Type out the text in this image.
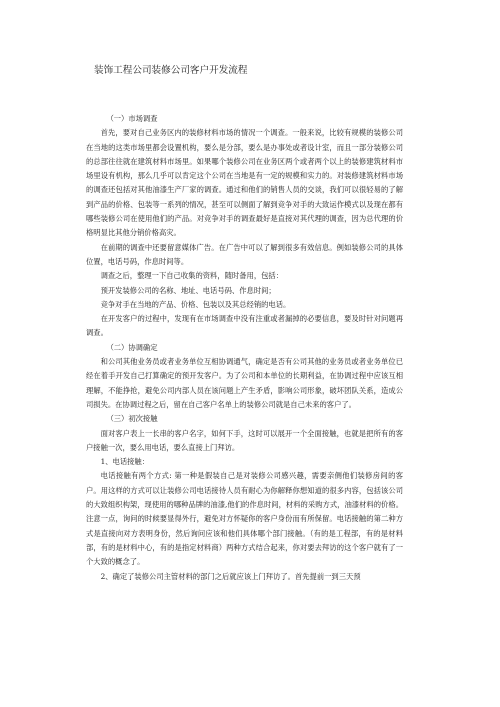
装饰工程公司装修公司客户开发流程

（一）市场调查

首先，要对自己业务区内的装修材料市场的情况一个调查。一般来说，比较有规模的装修公司在当地的这类市场里都会设置机构，要么是分部，要么是办事处或者设计室，而且一部分装修公司的总部往往就在建筑材料市场里。如果哪个装修公司在业务区两个或者两个以上的装修建筑材料市场里设有机构，那么几乎可以肯定这个公司在当地是有一定的规模和实力的。对装修建筑材料市场的调查还包括对其他油漆生产厂家的调查。通过和他们的销售人员的交谈，我们可以很轻易的了解到产品的价格、包装等一系列的情况，甚至可以侧面了解到竞争对手的大致运作模式以及现在都有哪些装修公司在使用他们的产品。对竞争对手的调查最好是直接对其代理的调查，因为总代理的价格明显比其他分销价格高灾。

在前期的调查中还要留意媒体广告。在广告中可以了解到很多有效信息。例如装修公司的具体位置，电话号码，作息时间等。

调查之后，整理一下自己收集的资料，随时备用，包括：

预开发装修公司的名称、地址、电话号码、作息时间；

竞争对手在当地的产品、价格、包装以及其总经销的电话。

在开发客户的过程中，发现有在市场调查中没有注重或者漏掉的必要信息，要及时针对问题再调查。

（二）协调确定

和公司其他业务员或者业务单位互相协调通气，确定是否有公司其他的业务员或者业务单位已经在着手开发自己打算确定的预开发客户。为了公司和本单位的长期利益，在协调过程中应该互相理解，不能挣抢，避免公司内部人员在该问题上产生矛盾，影响公司形象，破坏团队关系，造成公司损失。在协调过程之后，留在自己客户名单上的装修公司就是自己未来的客户了。

（三）初次接触

面对客户表上一长串的客户名字，如何下手，这时可以展开一个全面接触，也就是把所有的客户接触一次，要么用电话，要么直接上门拜访。

1、电话接触：

电话接触有两个方式: 第一种是假装自己是对装修公司感兴趣，需要亲侧他们装修房间的客户。用这样的方式可以让装修公司电话接待人员有耐心为你解释你想知道的很多内容，包括该公司的大致组织构架，现使用的哪种品牌的油漆,他们的作息时间，材料的采购方式，油漆材料的价格。注意一点，询问的时候要显得外行，避免对方怀疑你的客户身份而有所保留。电话接触的第二种方式是直接向对方表明身份，然后询问应该和他们具体哪个部门接触。（有的是工程部，有的是材料部，有的是材料中心，有的是指定材料商）两种方式结合起来，你对要去拜访的这个客户就有了一个大致的概念了。

2、确定了装修公司主管材料的部门之后就应该上门拜访了。首先提前一到三天预
